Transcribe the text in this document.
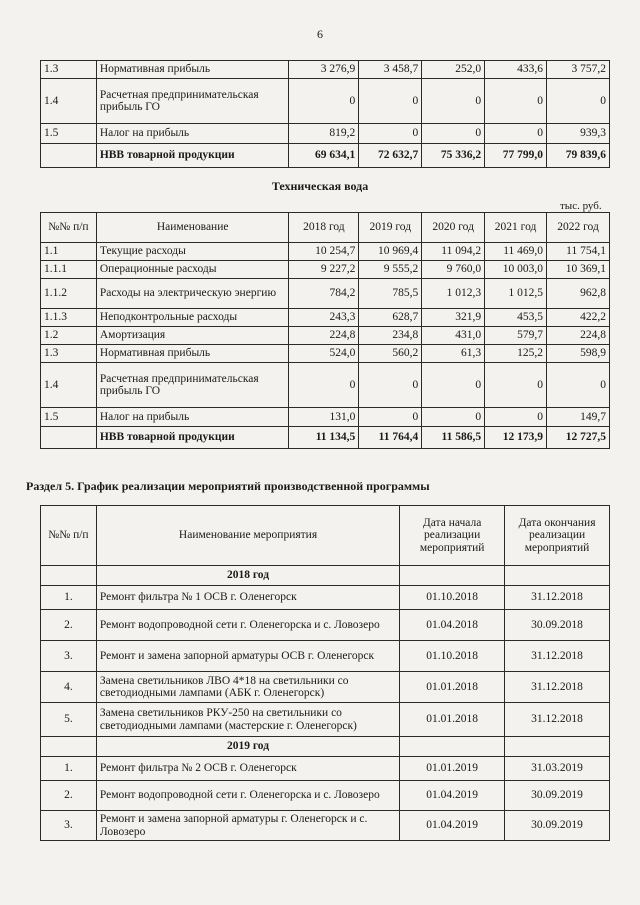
6
1.3	Нормативная прибыль	3 276,9	3 458,7	252,0	433,6	3 757,2
1.4	Расчетная предпринимательская прибыль ГО	0	0	0	0	0
1.5	Налог на прибыль	819,2	0	0	0	939,3
	НВВ товарной продукции	69 634,1	72 632,7	75 336,2	77 799,0	79 839,6
Техническая вода
тыс. руб.
№№ п/п	Наименование	2018 год	2019 год	2020 год	2021 год	2022 год
1.1	Текущие расходы	10 254,7	10 969,4	11 094,2	11 469,0	11 754,1
1.1.1	Операционные расходы	9 227,2	9 555,2	9 760,0	10 003,0	10 369,1
1.1.2	Расходы на электрическую энергию	784,2	785,5	1 012,3	1 012,5	962,8
1.1.3	Неподконтрольные расходы	243,3	628,7	321,9	453,5	422,2
1.2	Амортизация	224,8	234,8	431,0	579,7	224,8
1.3	Нормативная прибыль	524,0	560,2	61,3	125,2	598,9
1.4	Расчетная предпринимательская прибыль ГО	0	0	0	0	0
1.5	Налог на прибыль	131,0	0	0	0	149,7
	НВВ товарной продукции	11 134,5	11 764,4	11 586,5	12 173,9	12 727,5
Раздел 5. График реализации мероприятий производственной программы
№№ п/п	Наименование мероприятия	Дата начала реализации мероприятий	Дата окончания реализации мероприятий
	2018 год		
1.	Ремонт фильтра № 1 ОСВ г. Оленегорск	01.10.2018	31.12.2018
2.	Ремонт водопроводной сети г. Оленегорска и с. Ловозеро	01.04.2018	30.09.2018
3.	Ремонт и замена запорной арматуры ОСВ г. Оленегорск	01.10.2018	31.12.2018
4.	Замена светильников ЛВО 4*18 на светильники со светодиодными лампами (АБК г. Оленегорск)	01.01.2018	31.12.2018
5.	Замена светильников РКУ-250 на светильники со светодиодными лампами (мастерские г. Оленегорск)	01.01.2018	31.12.2018
	2019 год		
1.	Ремонт фильтра № 2 ОСВ г. Оленегорск	01.01.2019	31.03.2019
2.	Ремонт водопроводной сети г. Оленегорска и с. Ловозеро	01.04.2019	30.09.2019
3.	Ремонт и замена запорной арматуры г. Оленегорск и с. Ловозеро	01.04.2019	30.09.2019
